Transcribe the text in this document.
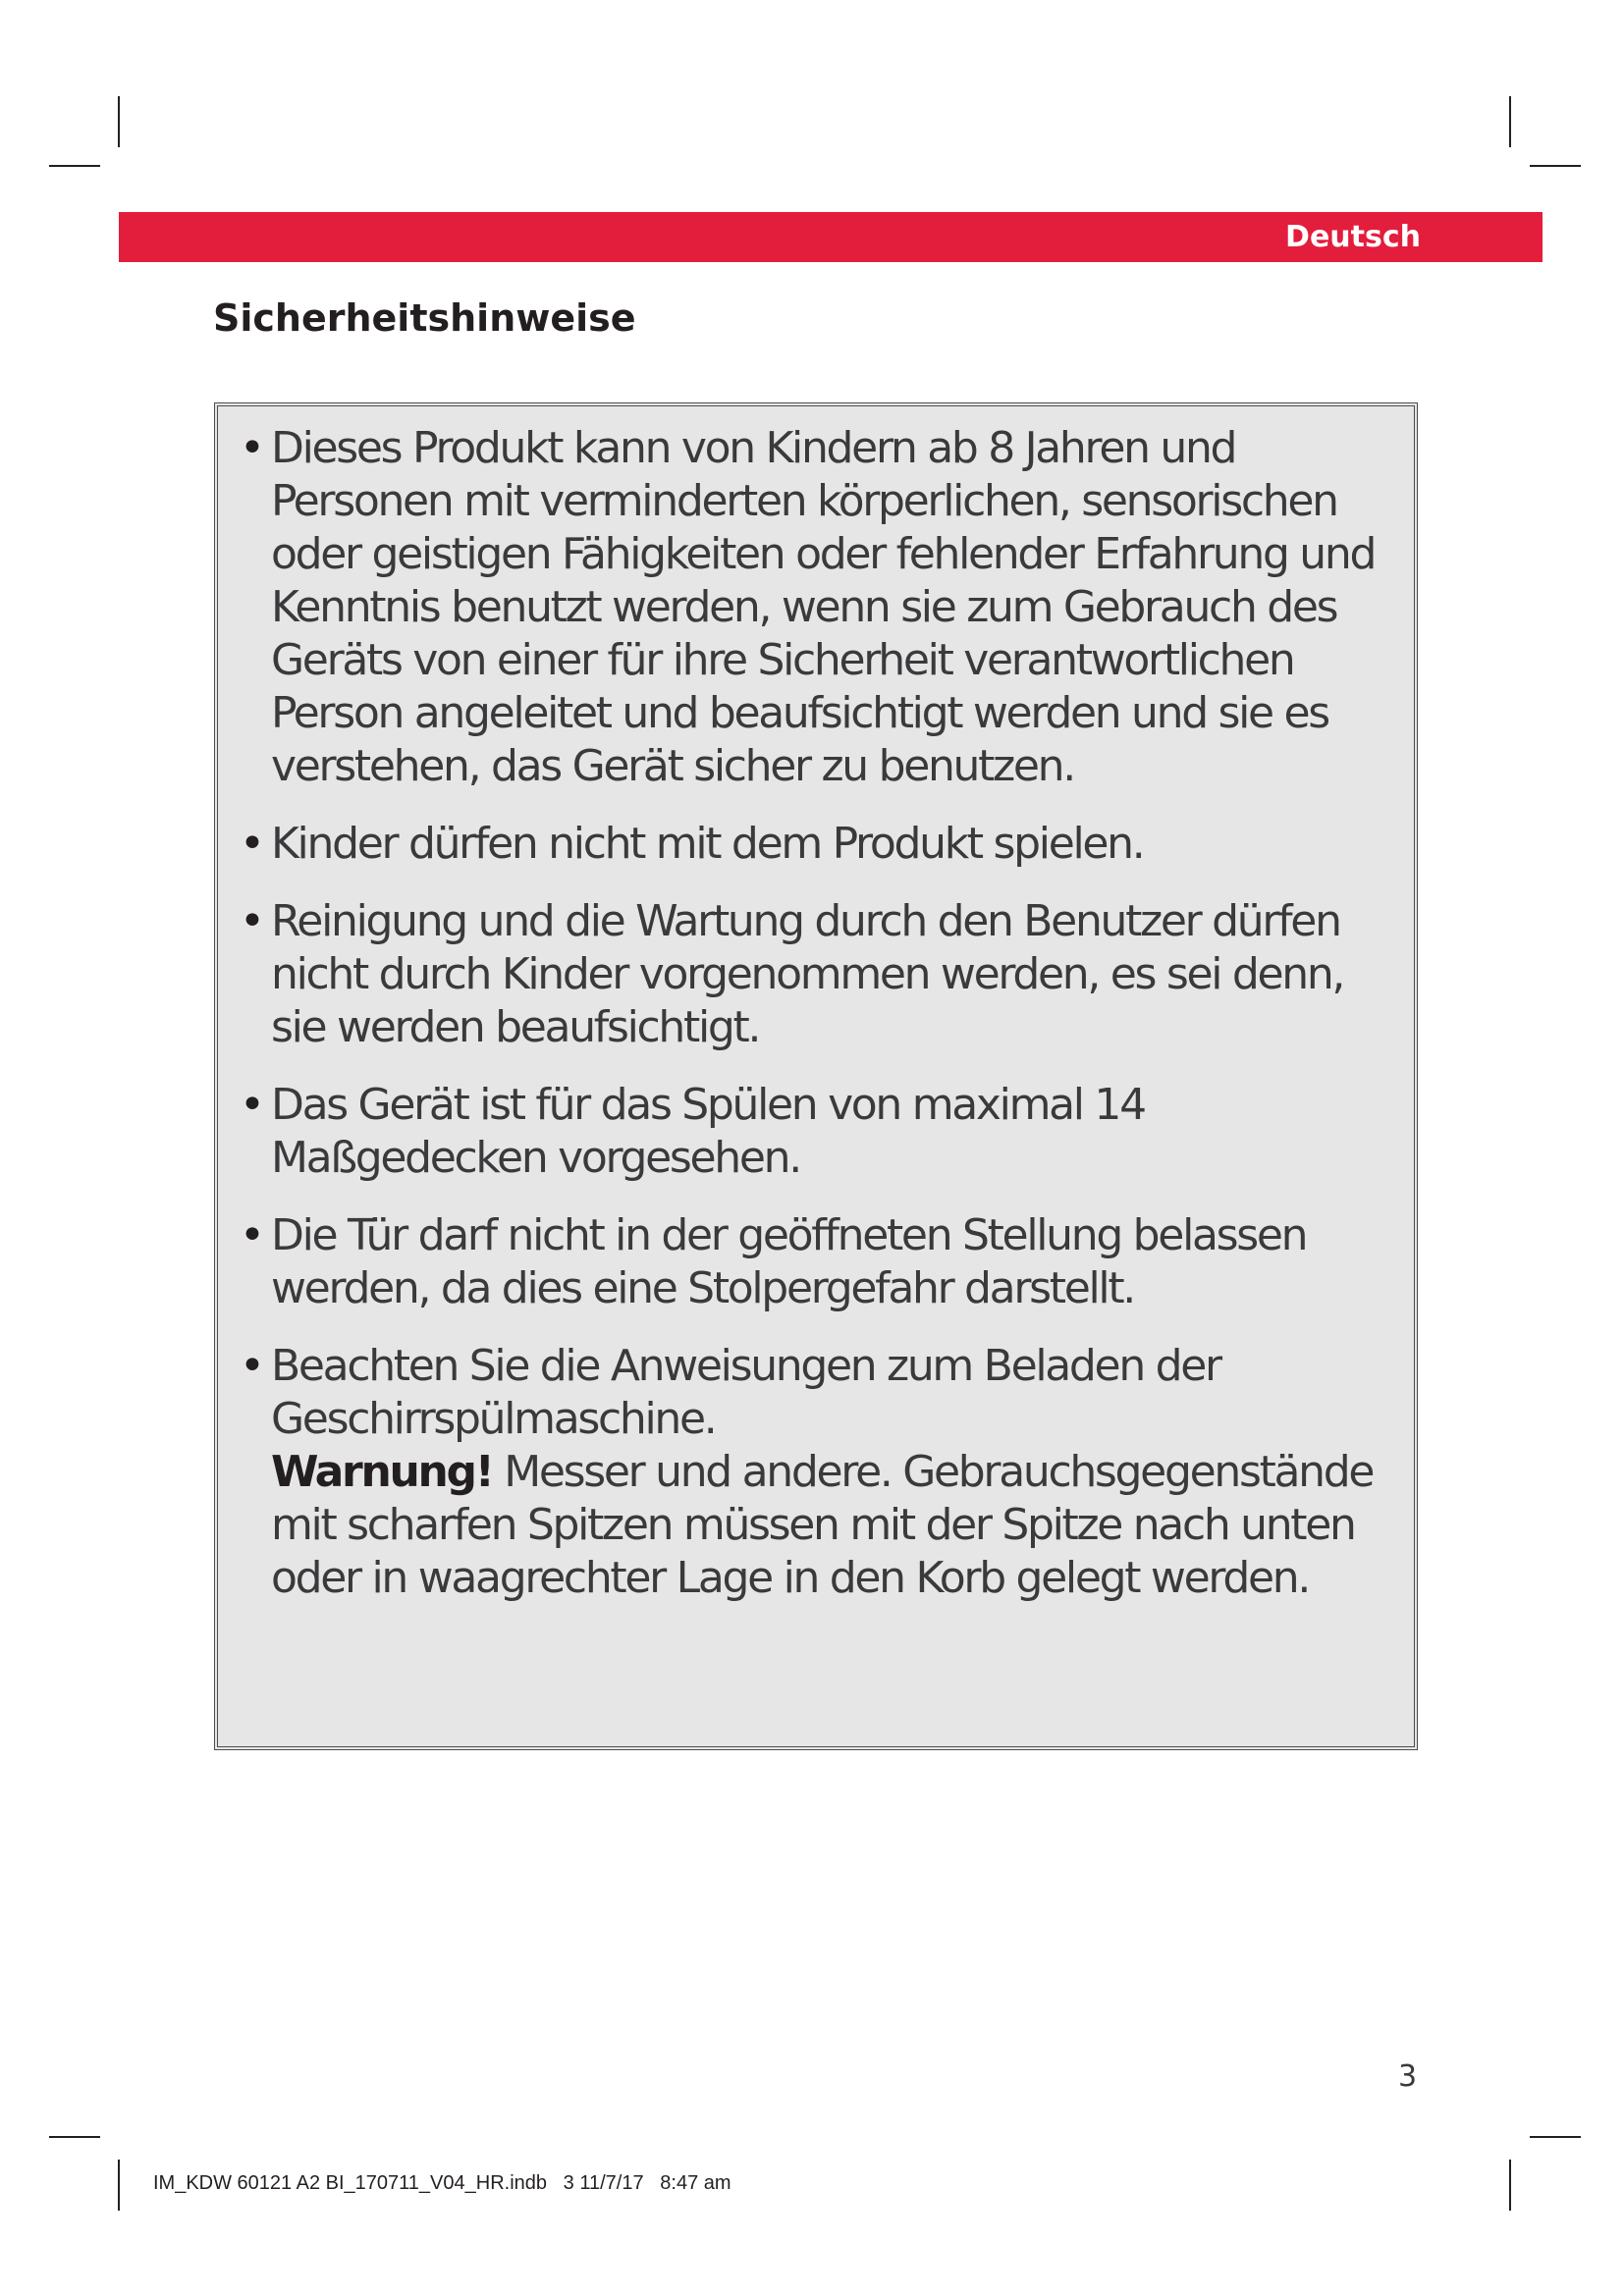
Deutsch
Sicherheitshinweise
• Dieses Produkt kann von Kindern ab 8 Jahren und Personen mit verminderten körperlichen, sensorischen oder geistigen Fähigkeiten oder fehlender Erfahrung und Kenntnis benutzt werden, wenn sie zum Gebrauch des Geräts von einer für ihre Sicherheit verantwortlichen Person angeleitet und beaufsichtigt werden und sie es verstehen, das Gerät sicher zu benutzen.
• Kinder dürfen nicht mit dem Produkt spielen.
• Reinigung und die Wartung durch den Benutzer dürfen nicht durch Kinder vorgenommen werden, es sei denn, sie werden beaufsichtigt.
• Das Gerät ist für das Spülen von maximal 14 Maßgedecken vorgesehen.
• Die Tür darf nicht in der geöffneten Stellung belassen werden, da dies eine Stolpergefahr darstellt.
• Beachten Sie die Anweisungen zum Beladen der Geschirrspülmaschine.
Warnung! Messer und andere. Gebrauchsgegenstände mit scharfen Spitzen müssen mit der Spitze nach unten oder in waagrechter Lage in den Korb gelegt werden.
3
IM_KDW 60121 A2 BI_170711_V04_HR.indb   3 11/7/17   8:47 am
